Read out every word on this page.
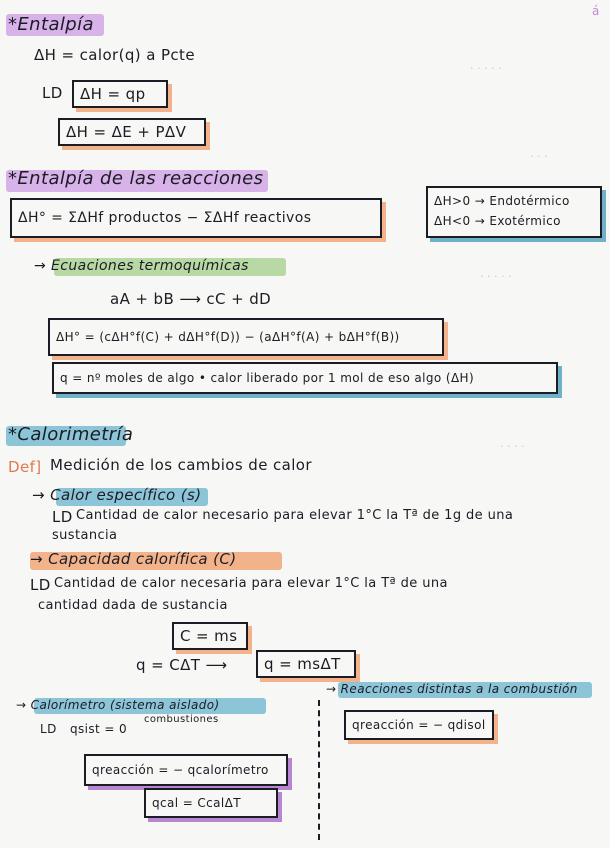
· · · · ·
· · ·
· · · · ·
· · · ·
á
*Entalpía
ΔH = calor(q) a Pcte
LD	ΔH = qp
ΔH = ΔE + PΔV
*Entalpía de las reacciones
ΔH° = ΣΔHf productos − ΣΔHf reactivos
ΔH>0 → Endotérmico
ΔH<0 → Exotérmico
→ Ecuaciones termoquímicas
aA + bB ⟶ cC + dD
ΔH° = (cΔH°f(C) + dΔH°f(D)) − (aΔH°f(A) + bΔH°f(B))
q = nº moles de algo • calor liberado por 1 mol de eso algo (ΔH)
*Calorimetría
Def] Medición de los cambios de calor
→ Calor específico (s)
LD Cantidad de calor necesario para elevar 1°C la Tª de 1g de una
sustancia
→ Capacidad calorífica (C)
LD Cantidad de calor necesaria para elevar 1°C la Tª de una
cantidad dada de sustancia
C = ms
q = CΔT ⟶	q = msΔT
→ Calorímetro (sistema aislado)
LD qsist = 0
combustiones
qreacción = − qcalorímetro
qcal = CcalΔT
→ Reacciones distintas a la combustión
qreacción = − qdisol
